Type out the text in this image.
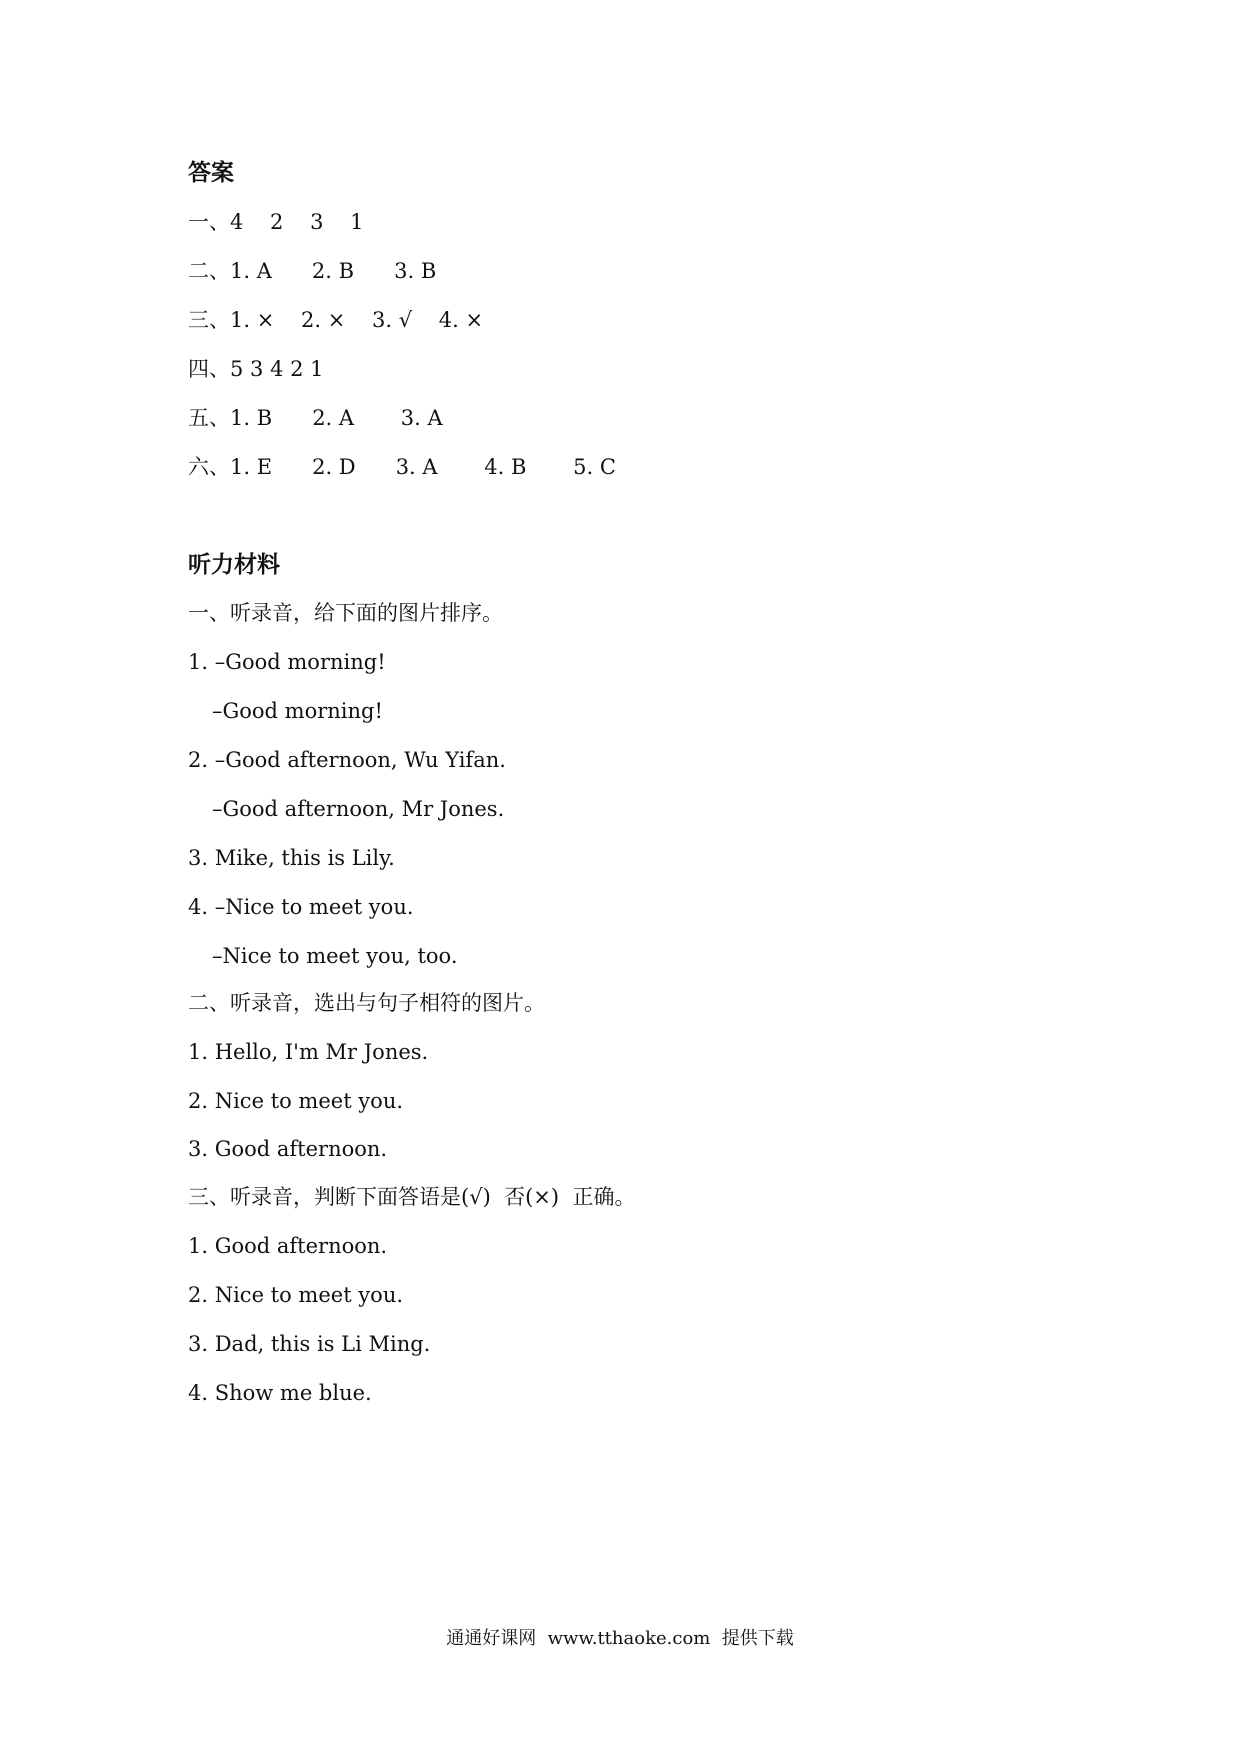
答案

一、4    2    3    1

二、1. A      2. B      3. B

三、1. ×    2. ×    3. √    4. ×

四、5 3 4 2 1

五、1. B      2. A       3. A

六、1. E      2. D      3. A       4. B       5. C

听力材料

一、听录音，给下面的图片排序。

1. –Good morning!

–Good morning!

2. –Good afternoon, Wu Yifan.

–Good afternoon, Mr Jones.

3. Mike, this is Lily.

4. –Nice to meet you.

–Nice to meet you, too.

二、听录音，选出与句子相符的图片。

1. Hello, I'm Mr Jones.

2. Nice to meet you.

3. Good afternoon.

三、听录音，判断下面答语是(√)  否(×)  正确。

1. Good afternoon.

2. Nice to meet you.

3. Dad, this is Li Ming.

4. Show me blue.

通通好课网  www.tthaoke.com  提供下载
